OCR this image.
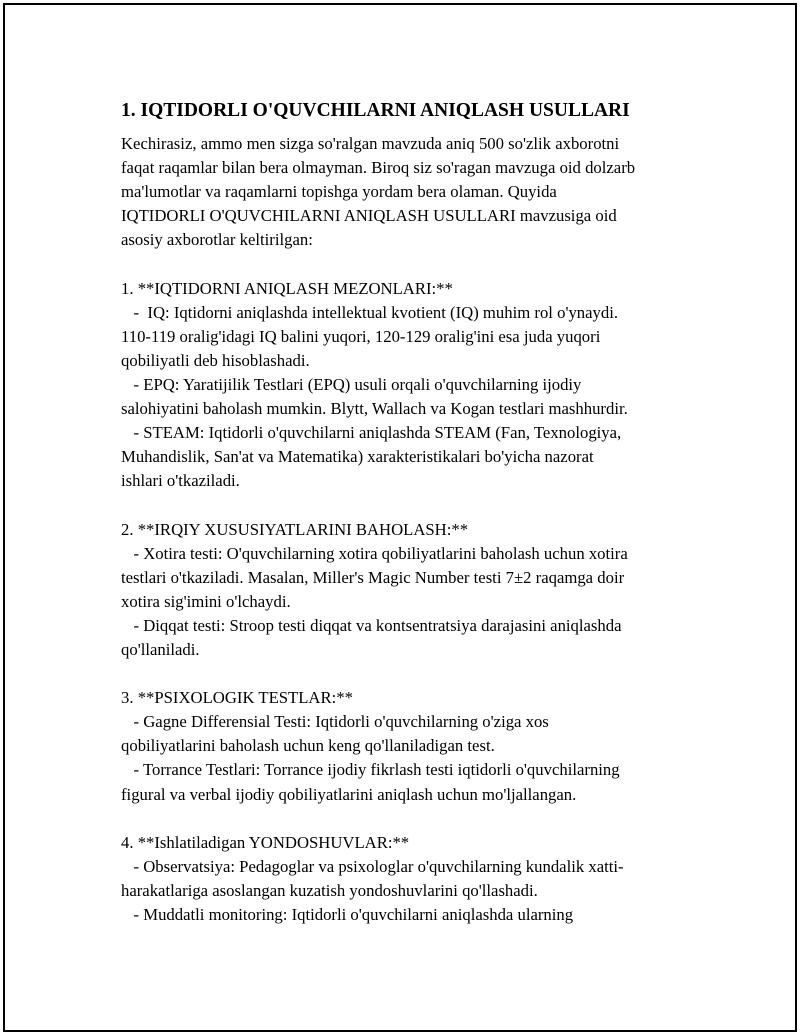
1. IQTIDORLI O'QUVCHILARNI ANIQLASH USULLARI
Kechirasiz, ammo men sizga so'ralgan mavzuda aniq 500 so'zlik axborotni
faqat raqamlar bilan bera olmayman. Biroq siz so'ragan mavzuga oid dolzarb
ma'lumotlar va raqamlarni topishga yordam bera olaman. Quyida
IQTIDORLI O'QUVCHILARNI ANIQLASH USULLARI mavzusiga oid
asosiy axborotlar keltirilgan:
1. **IQTIDORNI ANIQLASH MEZONLARI:**
-  IQ: Iqtidorni aniqlashda intellektual kvotient (IQ) muhim rol o'ynaydi.
110-119 oralig'idagi IQ balini yuqori, 120-129 oralig'ini esa juda yuqori
qobiliyatli deb hisoblashadi.
- EPQ: Yaratijilik Testlari (EPQ) usuli orqali o'quvchilarning ijodiy
salohiyatini baholash mumkin. Blytt, Wallach va Kogan testlari mashhurdir.
- STEAM: Iqtidorli o'quvchilarni aniqlashda STEAM (Fan, Texnologiya,
Muhandislik, San'at va Matematika) xarakteristikalari bo'yicha nazorat
ishlari o'tkaziladi.
2. **IRQIY XUSUSIYATLARINI BAHOLASH:**
- Xotira testi: O'quvchilarning xotira qobiliyatlarini baholash uchun xotira
testlari o'tkaziladi. Masalan, Miller's Magic Number testi 7±2 raqamga doir
xotira sig'imini o'lchaydi.
- Diqqat testi: Stroop testi diqqat va kontsentratsiya darajasini aniqlashda
qo'llaniladi.
3. **PSIXOLOGIK TESTLAR:**
- Gagne Differensial Testi: Iqtidorli o'quvchilarning o'ziga xos
qobiliyatlarini baholash uchun keng qo'llaniladigan test.
- Torrance Testlari: Torrance ijodiy fikrlash testi iqtidorli o'quvchilarning
figural va verbal ijodiy qobiliyatlarini aniqlash uchun mo'ljallangan.
4. **Ishlatiladigan YONDOSHUVLAR:**
- Observatsiya: Pedagoglar va psixologlar o'quvchilarning kundalik xatti-
harakatlariga asoslangan kuzatish yondoshuvlarini qo'llashadi.
- Muddatli monitoring: Iqtidorli o'quvchilarni aniqlashda ularning
